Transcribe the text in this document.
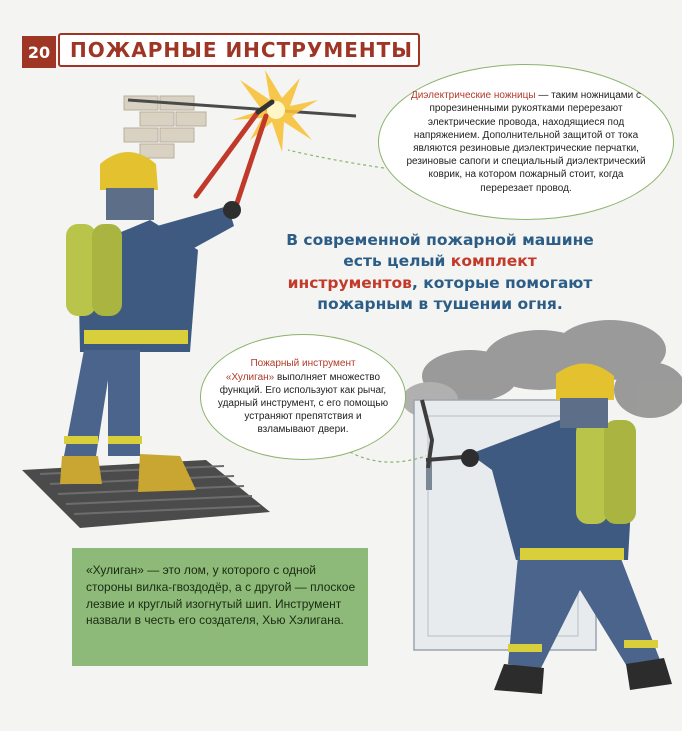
20 ПОЖАРНЫЕ ИНСТРУМЕНТЫ
Диэлектрические ножницы — таким ножницами с прорезиненными рукоятками перерезают электрические провода, находящиеся под напряжением. Дополнительной защитой от тока являются резиновые диэлектрические перчатки, резиновые сапоги и специальный диэлектрический коврик, на котором пожарный стоит, когда перерезает провод.
В современной пожарной машине есть целый комплект инструментов, которые помогают пожарным в тушении огня.
Пожарный инструмент
«Хулиган» выполняет множество функций. Его используют как рычаг, ударный инструмент, с его помощью устраняют препятствия и взламывают двери.
«Хулиган» — это лом, у которого с одной стороны вилка-гвоздодёр, а с другой — плоское лезвие и круглый изогнутый шип. Инструмент назвали в честь его создателя, Хью Хэлигана.
